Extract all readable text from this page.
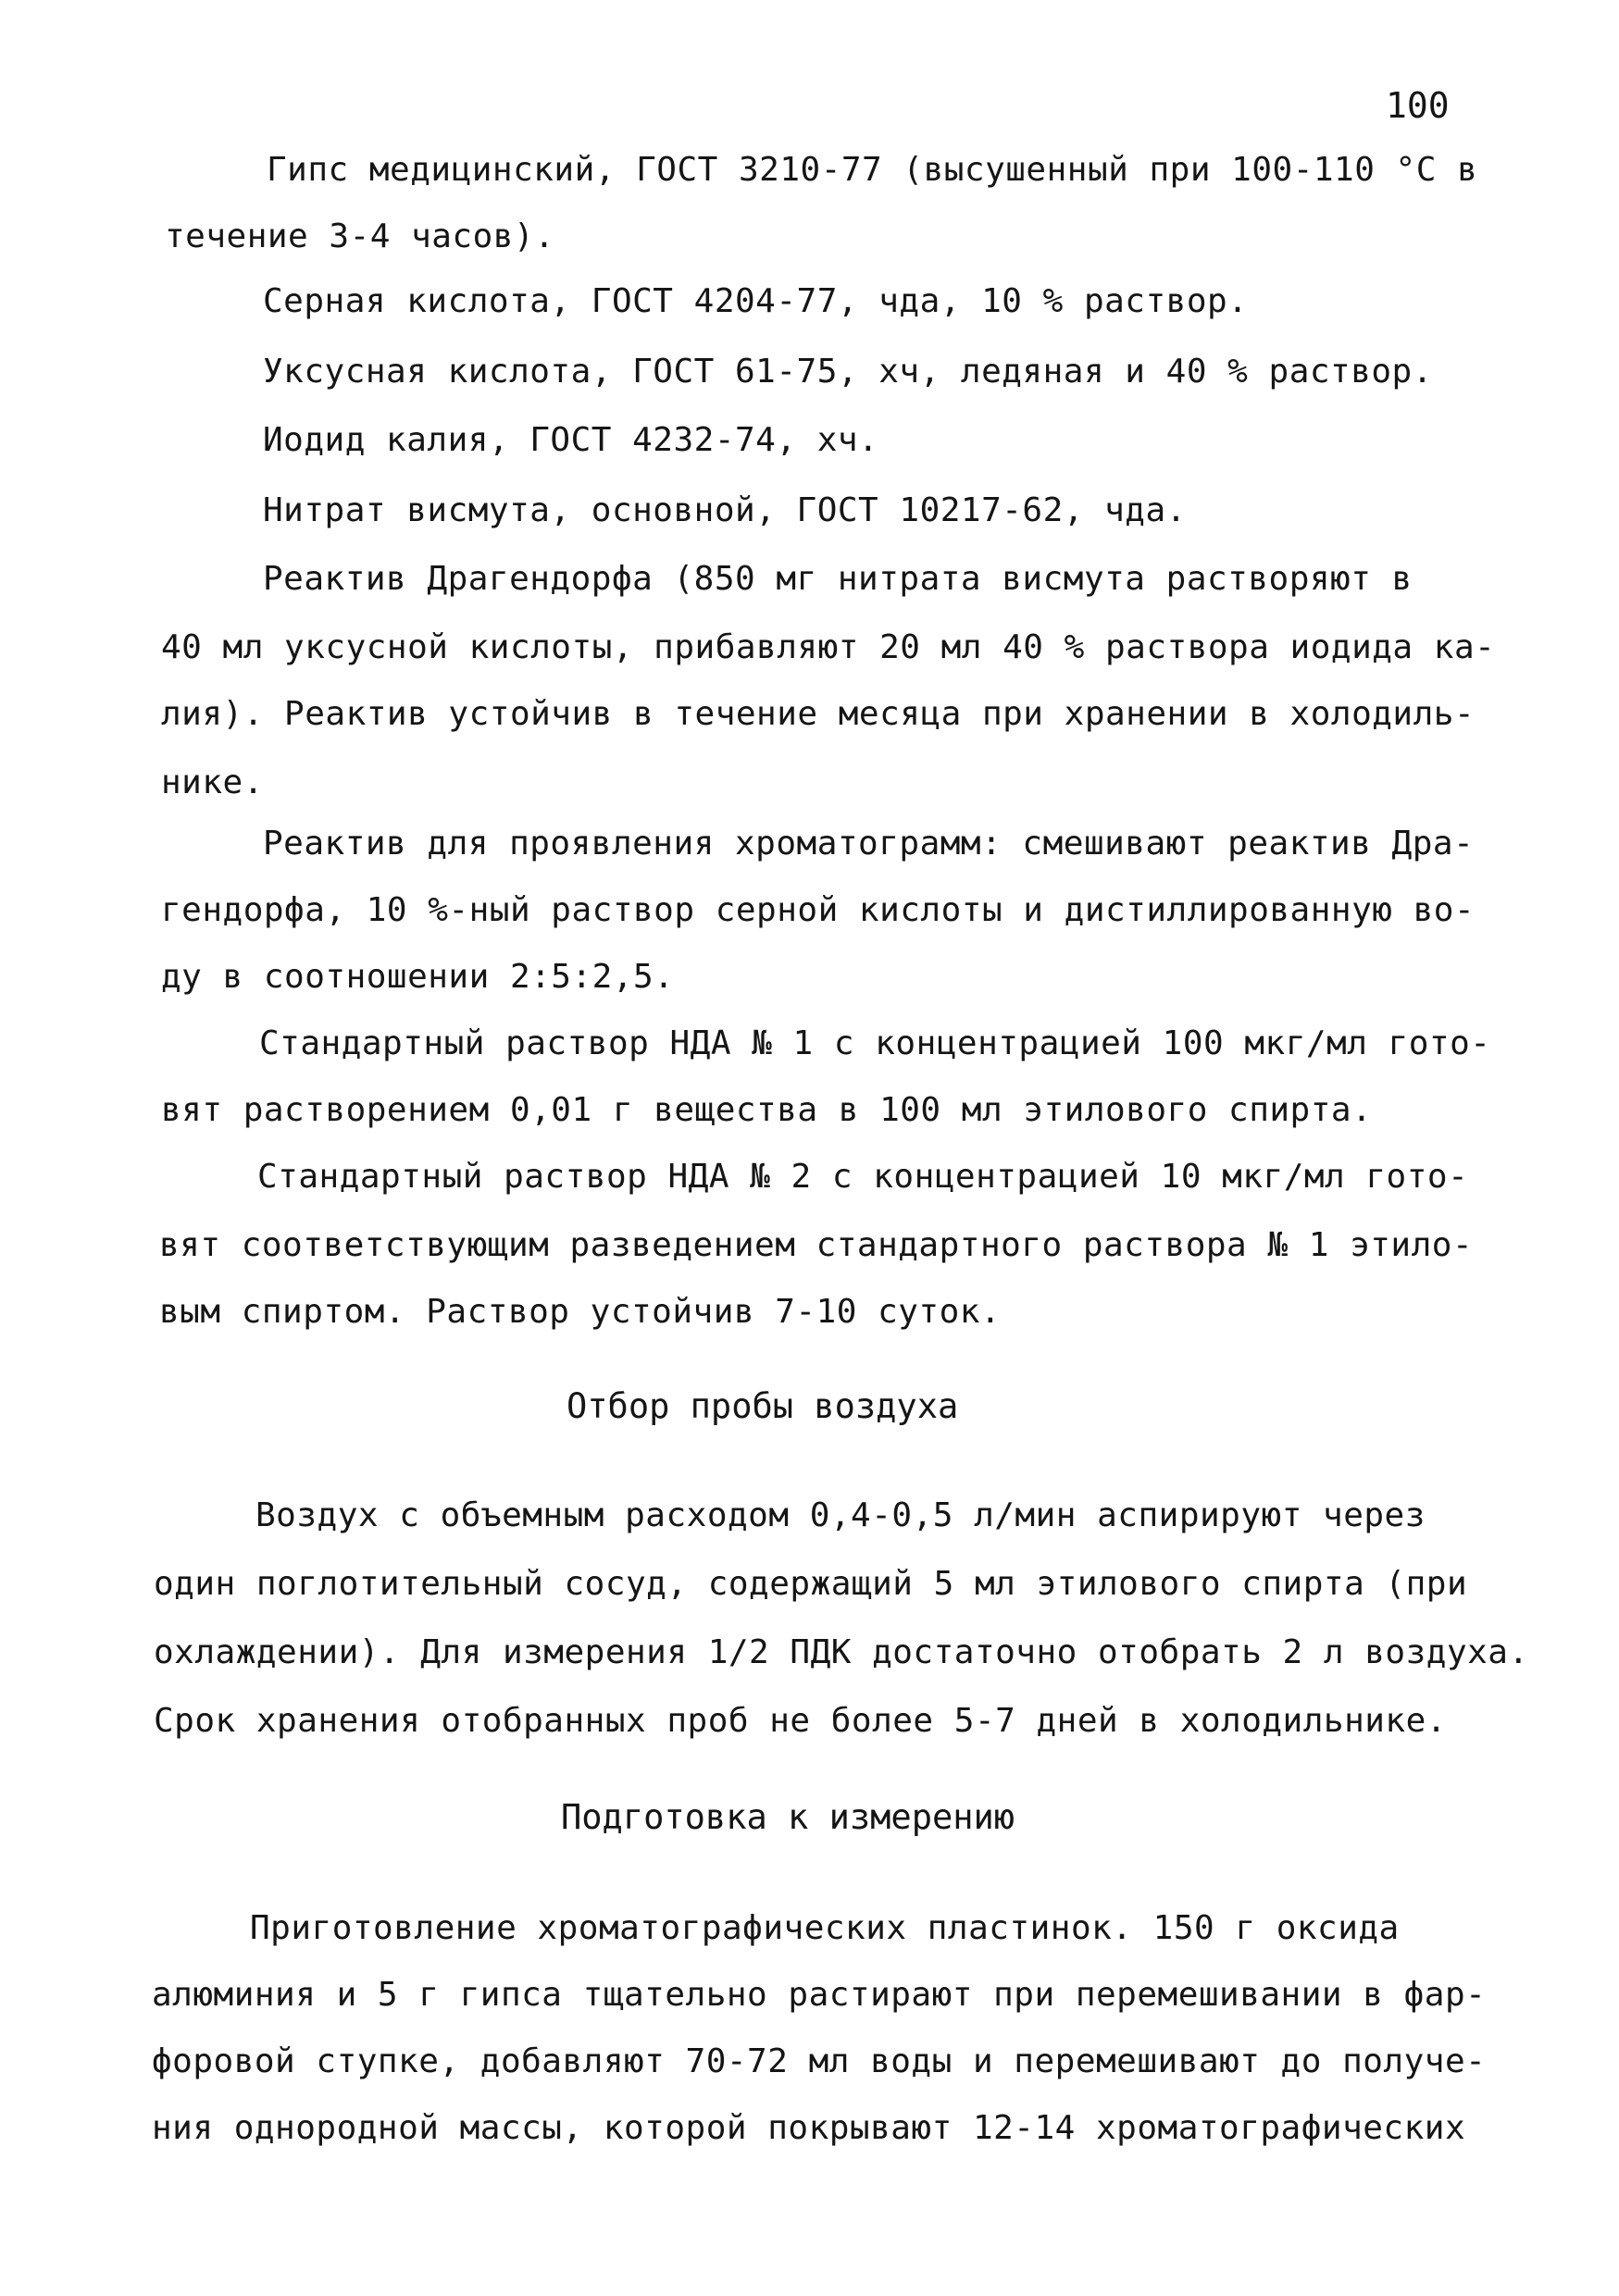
100
Гипс медицинский, ГОСТ 3210-77 (высушенный при 100-110 °С в
течение 3-4 часов).
Серная кислота, ГОСТ 4204-77, чда, 10 % раствор.
Уксусная кислота, ГОСТ 61-75, хч, ледяная и 40 % раствор.
Иодид калия, ГОСТ 4232-74, хч.
Нитрат висмута, основной, ГОСТ 10217-62, чда.
Реактив Драгендорфа (850 мг нитрата висмута растворяют в
40 мл уксусной кислоты, прибавляют 20 мл 40 % раствора иодида ка-
лия). Реактив устойчив в течение месяца при хранении в холодиль-
нике.
Реактив для проявления хроматограмм: смешивают реактив Дра-
гендорфа, 10 %-ный раствор серной кислоты и дистиллированную во-
ду в соотношении 2:5:2,5.
Стандартный раствор НДА № 1 с концентрацией 100 мкг/мл гото-
вят растворением 0,01 г вещества в 100 мл этилового спирта.
Стандартный раствор НДА № 2 с концентрацией 10 мкг/мл гото-
вят соответствующим разведением стандартного раствора № 1 этило-
вым спиртом. Раствор устойчив 7-10 суток.
Отбор пробы воздуха
Воздух с объемным расходом 0,4-0,5 л/мин аспирируют через
один поглотительный сосуд, содержащий 5 мл этилового спирта (при
охлаждении). Для измерения 1/2 ПДК достаточно отобрать 2 л воздуха.
Срок хранения отобранных проб не более 5-7 дней в холодильнике.
Подготовка к измерению
Приготовление хроматографических пластинок. 150 г оксида
алюминия и 5 г гипса тщательно растирают при перемешивании в фар-
форовой ступке, добавляют 70-72 мл воды и перемешивают до получе-
ния однородной массы, которой покрывают 12-14 хроматографических
